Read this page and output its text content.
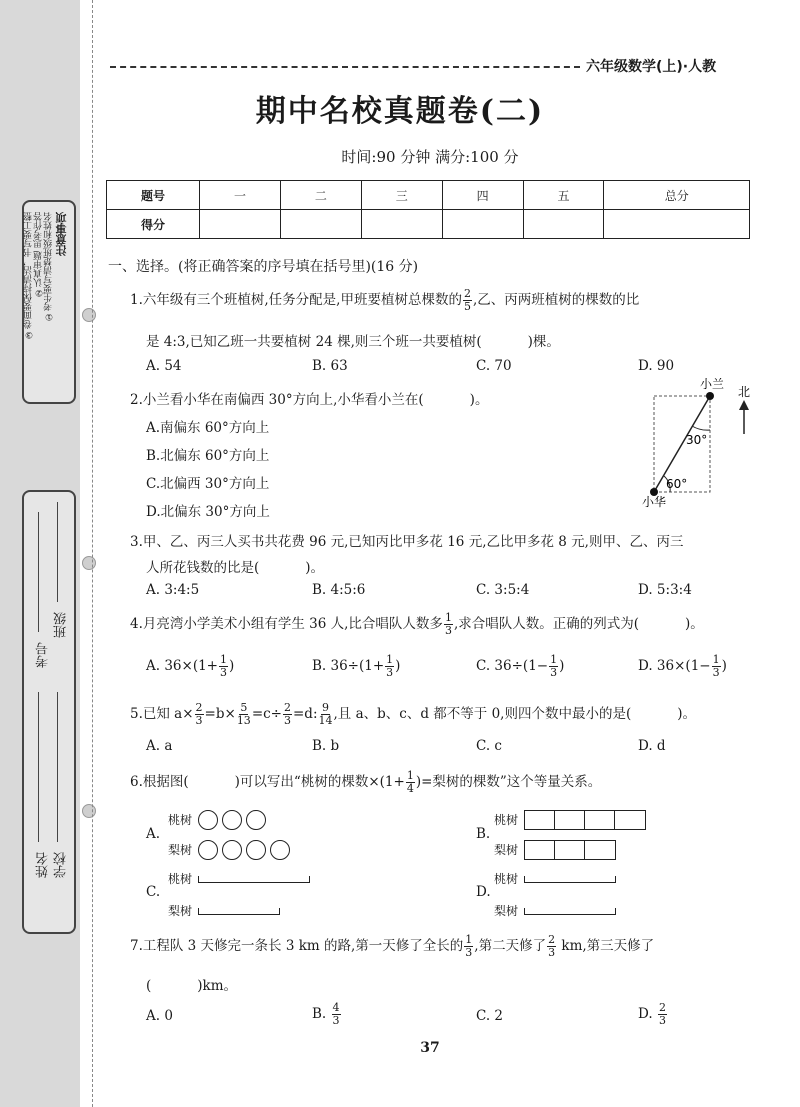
注意事项
①考生要写清楚班级和姓名
②认真审题 思考作答
③卷面要保持清洁，书写要工整
班级
考号
学校
姓名
六年级数学(上)·人教
期中名校真题卷(二)
时间:90 分钟 满分:100 分
题号	一	二	三	四	五	总分
得分						
一、选择。(将正确答案的序号填在括号里)(16 分)
1.六年级有三个班植树,任务分配是,甲班要植树总棵数的 $\frac{2}{5}$ ,乙、丙两班植树的棵数的比
是 4:3,已知乙班一共要植树 24 棵,则三个班一共要植树(	)棵。
A. 54	B. 63	C. 70	D. 90
2.小兰看小华在南偏西 30°方向上,小华看小兰在(	)。
A.南偏东 60°方向上
B.北偏东 60°方向上
C.北偏西 30°方向上
D.北偏东 30°方向上
小兰
北
30°
60°
小华
3.甲、乙、丙三人买书共花费 96 元,已知丙比甲多花 16 元,乙比甲多花 8 元,则甲、乙、丙三
人所花钱数的比是(	)。
A. 3:4:5	B. 4:5:6	C. 3:5:4	D. 5:3:4
4.月亮湾小学美术小组有学生 36 人,比合唱队人数多 $\frac{1}{3}$ ,求合唱队人数。正确的列式为(	)。
A. $36\times(1+ \frac{1}{3}$ )	B. $36\div(1+ \frac{1}{3}$ )	C. $36\div(1- \frac{1}{3}$ )	D. $36\times(1- \frac{1}{3}$ )
5.已知 $a\times \frac{2}{3} =b\times \frac{5}{13} =c\div \frac{2}{3} =d$: $\frac{9}{14}$ ,且 a、b、c、d 都不等于 0,则四个数中最小的是(	)。
A. a	B. b	C. c	D. d
6.根据图(	)可以写出“桃树的棵数$\times(1+ \frac{1}{4}$ )=梨树的棵数”这个等量关系。
A.
桃树
梨树
B.
桃树
梨树
C.
桃树
梨树
D.
桃树
梨树
7.工程队 3 天修完一条长 3 km 的路,第一天修了全长的 $\frac{1}{3}$ ,第二天修了 $\frac{2}{3}$ km,第三天修了
(	)km。
A. 0	B. $\frac{4}{3}$	C. 2	D. $\frac{2}{3}$
37
